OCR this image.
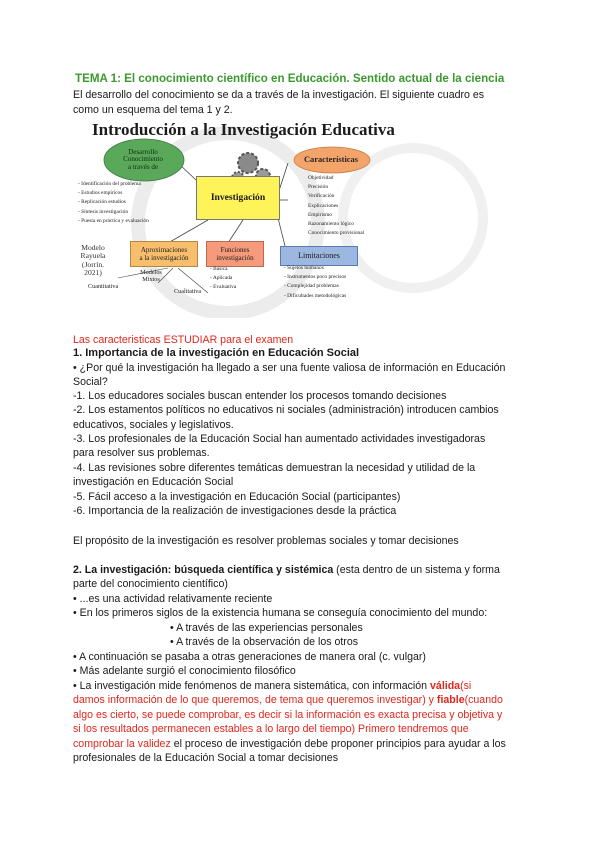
TEMA 1: El conocimiento científico en Educación. Sentido actual de la ciencia
El desarrollo del conocimiento se da a través de la investigación. El siguiente cuadro es
como un esquema del tema 1 y 2.
Introducción a la Investigación Educativa
Desarrollo
Conocimiento
a través de
Características
Investigación
Aproximaciones
a la investigación
Funciones
investigación	Limitaciones
Objetividad
Precisión
Verificación
Explicaciones
Empirismo
Razonamiento lógico
Conocimiento provisional
- Identificación del problema
- Estudios empíricos
- Replicación estudios
- Síntesis investigación
- Puesta en práctica y evaluación
Modelo
Rayuela
(Jorrín.
2021)	- Básica
- Aplicada
- Evaluativa
- Sujetos humanos
- Instrumentos poco precisos
- Complejidad problemas
- Dificultades metodológicas
Modelos
Mixtos
Cuantitativa
Cualitativa
Las caracteristicas ESTUDIAR para el examen
1. Importancia de la investigación en Educación Social
• ¿Por qué la investigación ha llegado a ser una fuente valiosa de información en Educación
Social?
-1. Los educadores sociales buscan entender los procesos tomando decisiones
-2. Los estamentos políticos no educativos ni sociales (administración) introducen cambios
educativos, sociales y legislativos.
-3. Los profesionales de la Educación Social han aumentado actividades investigadoras
para resolver sus problemas.
-4. Las revisiones sobre diferentes temáticas demuestran la necesidad y utilidad de la
investigación en Educación Social
-5. Fácil acceso a la investigación en Educación Social (participantes)
-6. Importancia de la realización de investigaciones desde la práctica
El propósito de la investigación es resolver problemas sociales y tomar decisiones
2. La investigación: búsqueda científica y sistémica (esta dentro de un sistema y forma
parte del conocimiento científico)
• ...es una actividad relativamente reciente
• En los primeros siglos de la existencia humana se conseguía conocimiento del mundo:
• A través de las experiencias personales
• A través de la observación de los otros
• A continuación se pasaba a otras generaciones de manera oral (c. vulgar)
• Más adelante surgió el conocimiento filosófico
• La investigación mide fenómenos de manera sistemática, con información válida(si
damos información de lo que queremos, de tema que queremos investigar) y fiable(cuando
algo es cierto, se puede comprobar, es decir si la información es exacta precisa y objetiva y
si los resultados permanecen estables a lo largo del tiempo) Primero tendremos que
comprobar la validez el proceso de investigación debe proponer principios para ayudar a los
profesionales de la Educación Social a tomar decisiones
